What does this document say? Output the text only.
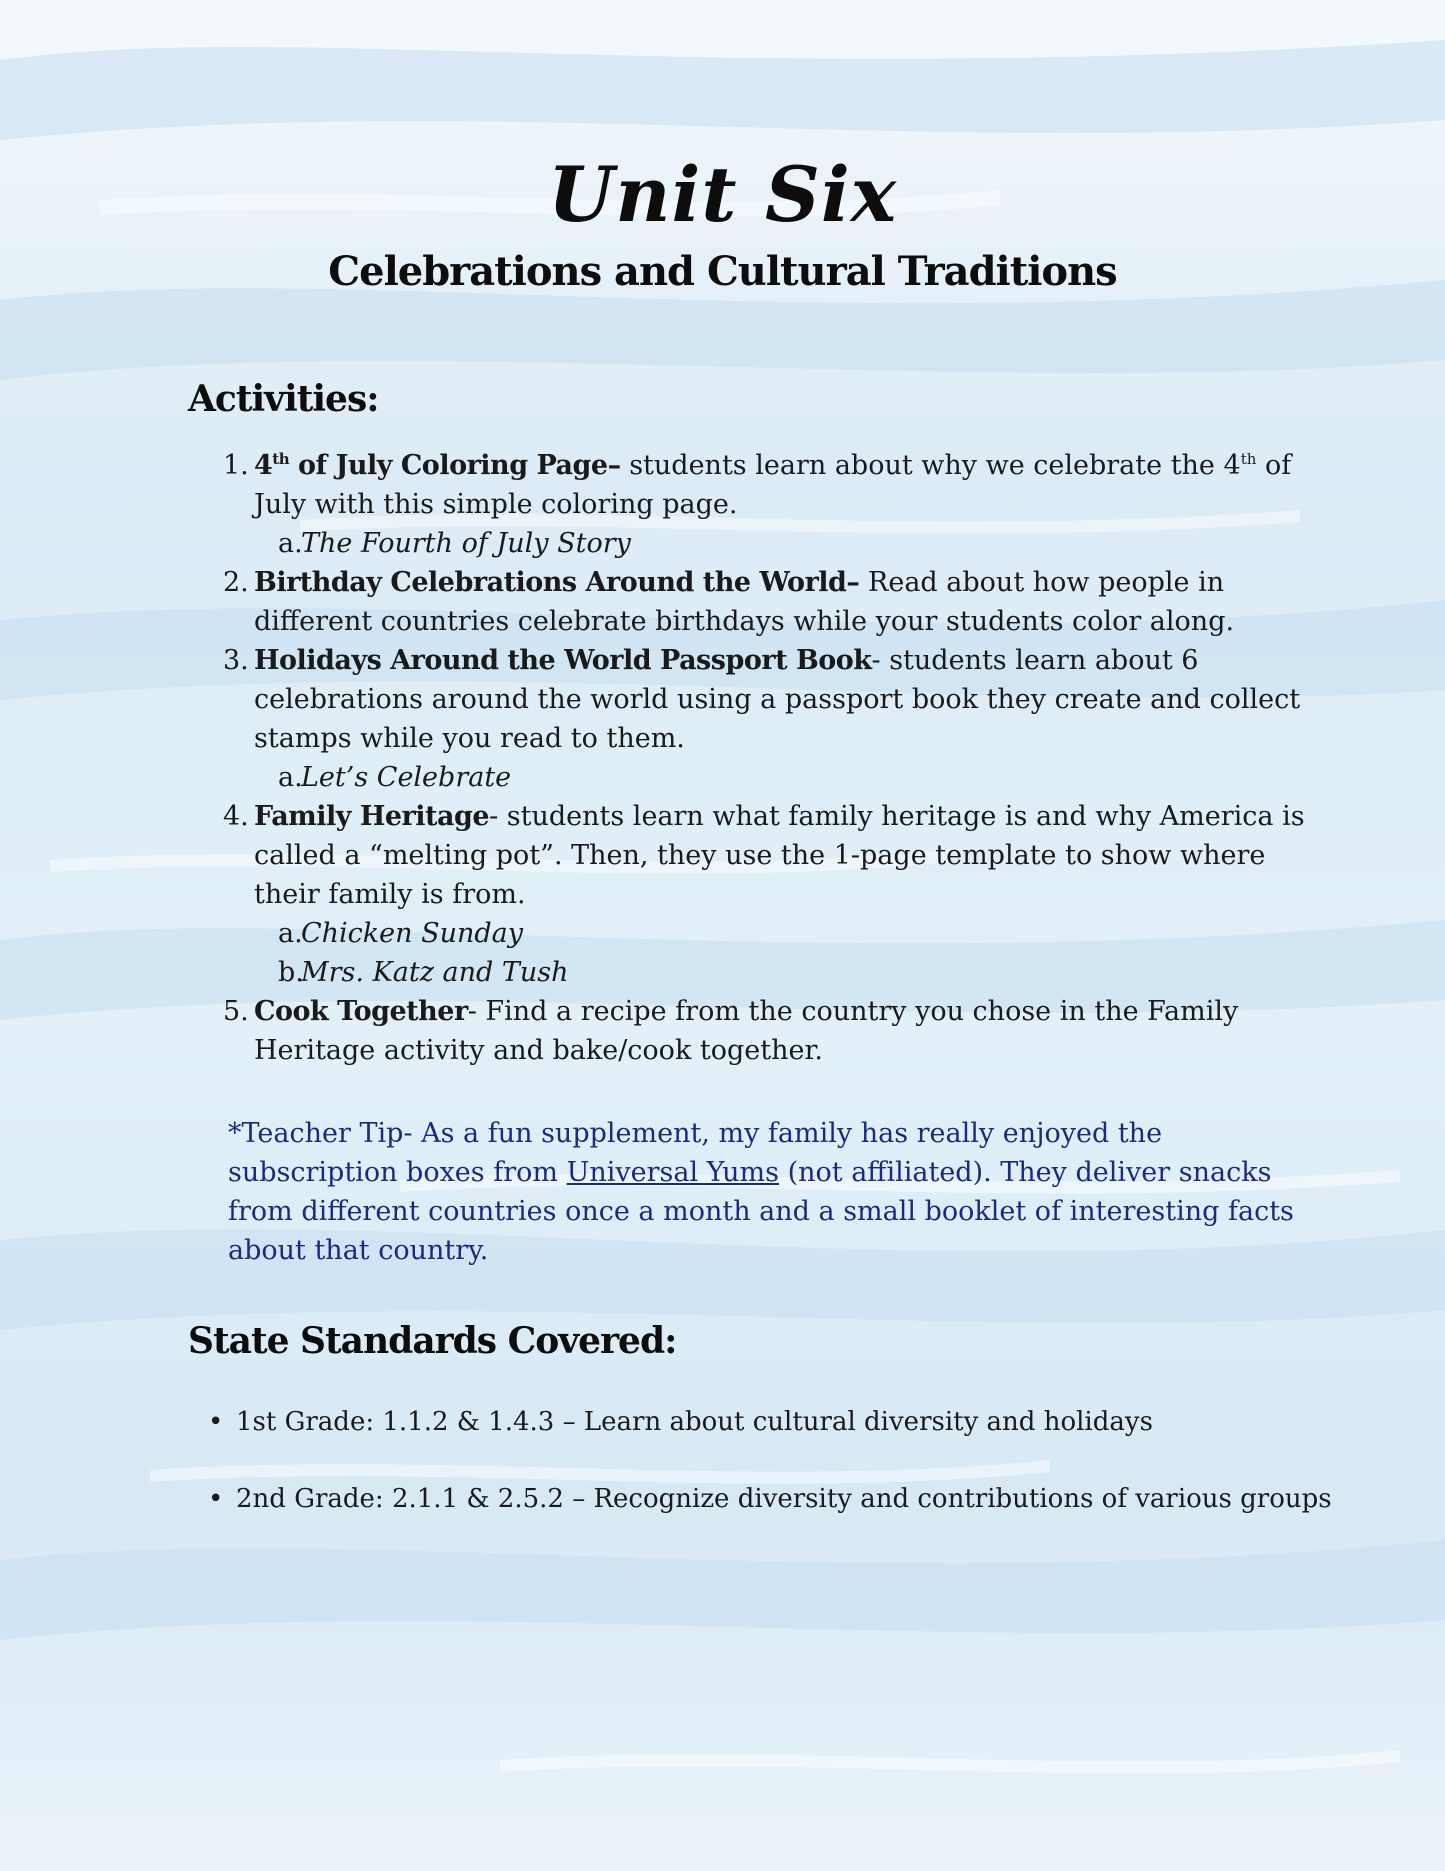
Unit Six
Celebrations and Cultural Traditions
Activities:
1. 4th of July Coloring Page– students learn about why we celebrate the 4th of July with this simple coloring page.
a.
The Fourth of July Story
2. Birthday Celebrations Around the World– Read about how people in different countries celebrate birthdays while your students color along.
3. Holidays Around the World Passport Book- students learn about 6 celebrations around the world using a passport book they create and collect stamps while you read to them.
a.
Let’s Celebrate
4. Family Heritage- students learn what family heritage is and why America is called a “melting pot”. Then, they use the 1-page template to show where their family is from.
a.
Chicken Sunday
b.
Mrs. Katz and Tush
5. Cook Together- Find a recipe from the country you chose in the Family Heritage activity and bake/cook together.
*Teacher Tip- As a fun supplement, my family has really enjoyed the subscription boxes from Universal Yums (not affiliated). They deliver snacks from different countries once a month and a small booklet of interesting facts about that country.
State Standards Covered:
• 1st Grade: 1.1.2 & 1.4.3 – Learn about cultural diversity and holidays
• 2nd Grade: 2.1.1 & 2.5.2 – Recognize diversity and contributions of various groups
